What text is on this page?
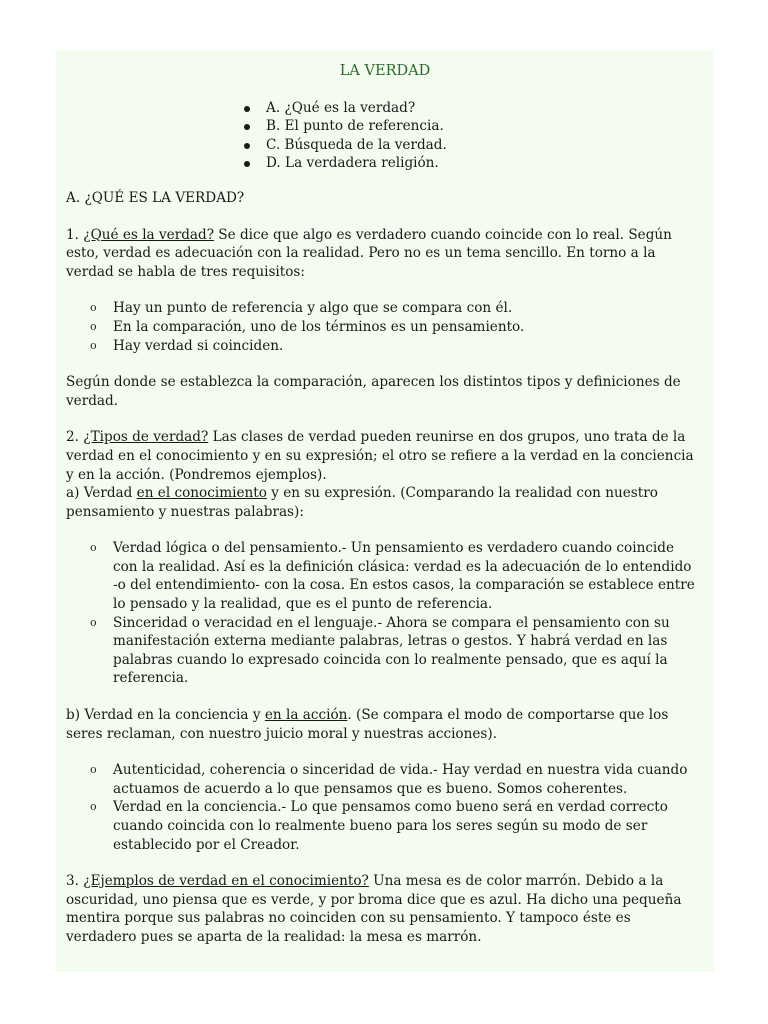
LA VERDAD
A. ¿Qué es la verdad?
B. El punto de referencia.
C. Búsqueda de la verdad.
D. La verdadera religión.

A. ¿QUÉ ES LA VERDAD?

1. ¿Qué es la verdad? Se dice que algo es verdadero cuando coincide con lo real. Según esto, verdad es adecuación con la realidad. Pero no es un tema sencillo. En torno a la verdad se habla de tres requisitos:

o Hay un punto de referencia y algo que se compara con él.
o En la comparación, uno de los términos es un pensamiento.
o Hay verdad si coinciden.

Según donde se establezca la comparación, aparecen los distintos tipos y definiciones de verdad.

2. ¿Tipos de verdad? Las clases de verdad pueden reunirse en dos grupos, uno trata de la verdad en el conocimiento y en su expresión; el otro se refiere a la verdad en la conciencia y en la acción. (Pondremos ejemplos).

a) Verdad en el conocimiento y en su expresión. (Comparando la realidad con nuestro pensamiento y nuestras palabras):

o Verdad lógica o del pensamiento.- Un pensamiento es verdadero cuando coincide con la realidad. Así es la definición clásica: verdad es la adecuación de lo entendido -o del entendimiento- con la cosa. En estos casos, la comparación se establece entre lo pensado y la realidad, que es el punto de referencia.
o Sinceridad o veracidad en el lenguaje.- Ahora se compara el pensamiento con su manifestación externa mediante palabras, letras o gestos. Y habrá verdad en las palabras cuando lo expresado coincida con lo realmente pensado, que es aquí la referencia.

b) Verdad en la conciencia y en la acción. (Se compara el modo de comportarse que los seres reclaman, con nuestro juicio moral y nuestras acciones).

o Autenticidad, coherencia o sinceridad de vida.- Hay verdad en nuestra vida cuando actuamos de acuerdo a lo que pensamos que es bueno. Somos coherentes.
o Verdad en la conciencia.- Lo que pensamos como bueno será en verdad correcto cuando coincida con lo realmente bueno para los seres según su modo de ser establecido por el Creador.

3. ¿Ejemplos de verdad en el conocimiento? Una mesa es de color marrón. Debido a la oscuridad, uno piensa que es verde, y por broma dice que es azul. Ha dicho una pequeña mentira porque sus palabras no coinciden con su pensamiento. Y tampoco éste es verdadero pues se aparta de la realidad: la mesa es marrón.
